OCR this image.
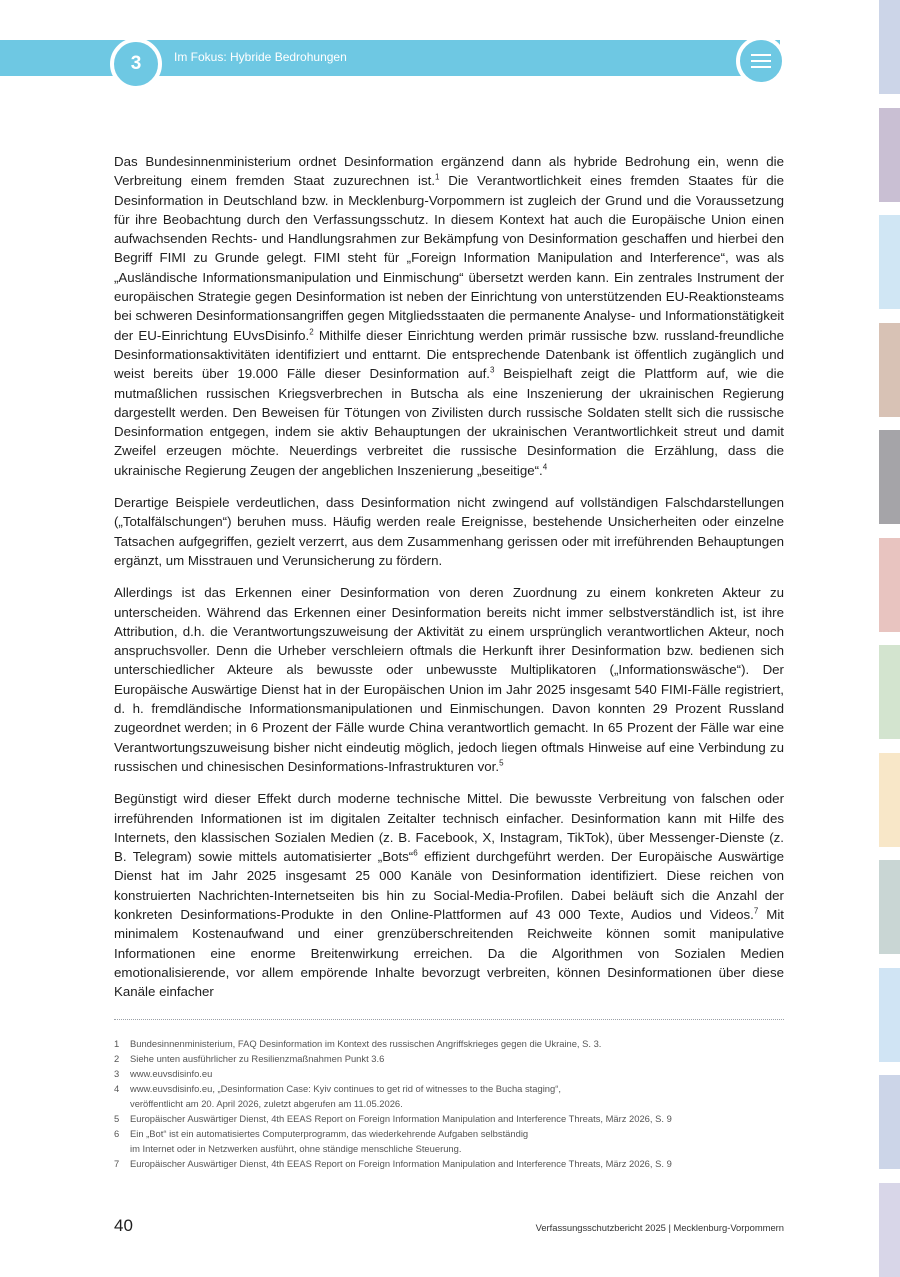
3	Im Fokus: Hybride Bedrohungen

Das Bundesinnenministerium ordnet Desinformation ergänzend dann als hybride Bedrohung ein, wenn die Verbreitung einem fremden Staat zuzurechnen ist.$^1$ Die Verantwortlichkeit eines fremden Staates für die Desinformation in Deutschland bzw. in Mecklenburg-Vorpommern ist zugleich der Grund und die Voraussetzung für ihre Beobachtung durch den Verfassungsschutz. In diesem Kontext hat auch die Europäische Union einen aufwachsenden Rechts- und Handlungsrahmen zur Bekämpfung von Desinformation geschaffen und hierbei den Begriff FIMI zu Grunde gelegt. FIMI steht für „Foreign Information Manipulation and Interference“, was als „Ausländische Informationsmanipulation und Einmischung“ übersetzt werden kann. Ein zentrales Instrument der europäischen Strategie gegen Desinformation ist neben der Einrichtung von unterstützenden EU-Reaktionsteams bei schweren Desinformationsangriffen gegen Mitgliedsstaaten die permanente Analyse- und Informationstätigkeit der EU-Einrichtung EUvsDisinfo.$^2$ Mithilfe dieser Einrichtung werden primär russische bzw. russland-freundliche Desinformationsaktivitäten identifiziert und enttarnt. Die entsprechende Datenbank ist öffentlich zugänglich und weist bereits über 19.000 Fälle dieser Desinformation auf.$^3$ Beispielhaft zeigt die Plattform auf, wie die mutmaßlichen russischen Kriegsverbrechen in Butscha als eine Inszenierung der ukrainischen Regierung dargestellt werden. Den Beweisen für Tötungen von Zivilisten durch russische Soldaten stellt sich die russische Desinformation entgegen, indem sie aktiv Behauptungen der ukrainischen Verantwortlichkeit streut und damit Zweifel erzeugen möchte. Neuerdings verbreitet die russische Desinformation die Erzählung, dass die ukrainische Regierung Zeugen der angeblichen Inszenierung „beseitige“.$^4$

Derartige Beispiele verdeutlichen, dass Desinformation nicht zwingend auf vollständigen Falschdarstellungen („Totalfälschungen“) beruhen muss. Häufig werden reale Ereignisse, bestehende Unsicherheiten oder einzelne Tatsachen aufgegriffen, gezielt verzerrt, aus dem Zusammenhang gerissen oder mit irreführenden Behauptungen ergänzt, um Misstrauen und Verunsicherung zu fördern.

Allerdings ist das Erkennen einer Desinformation von deren Zuordnung zu einem konkreten Akteur zu unterscheiden. Während das Erkennen einer Desinformation bereits nicht immer selbstverständlich ist, ist ihre Attribution, d.h. die Verantwortungszuweisung der Aktivität zu einem ursprünglich verantwortlichen Akteur, noch anspruchsvoller. Denn die Urheber verschleiern oftmals die Herkunft ihrer Desinformation bzw. bedienen sich unterschiedlicher Akteure als bewusste oder unbewusste Multiplikatoren („Informationswäsche“). Der Europäische Auswärtige Dienst hat in der Europäischen Union im Jahr 2025 insgesamt 540 FIMI-Fälle registriert, d. h. fremdländische Informationsmanipulationen und Einmischungen. Davon konnten 29 Prozent Russland zugeordnet werden; in 6 Prozent der Fälle wurde China verantwortlich gemacht. In 65 Prozent der Fälle war eine Verantwortungszuweisung bisher nicht eindeutig möglich, jedoch liegen oftmals Hinweise auf eine Verbindung zu russischen und chinesischen Desinformations-Infrastrukturen vor.$^5$

Begünstigt wird dieser Effekt durch moderne technische Mittel. Die bewusste Verbreitung von falschen oder irreführenden Informationen ist im digitalen Zeitalter technisch einfacher. Desinformation kann mit Hilfe des Internets, den klassischen Sozialen Medien (z. B. Facebook, X, Instagram, TikTok), über Messenger-Dienste (z. B. Telegram) sowie mittels automatisierter „Bots“$^6$ effizient durchgeführt werden. Der Europäische Auswärtige Dienst hat im Jahr 2025 insgesamt 25 000 Kanäle von Desinformation identifiziert. Diese reichen von konstruierten Nachrichten-Internetseiten bis hin zu Social-Media-Profilen. Dabei beläuft sich die Anzahl der konkreten Desinformations-Produkte in den Online-Plattformen auf 43 000 Texte, Audios und Videos.$^7$ Mit minimalem Kostenaufwand und einer grenzüberschreitenden Reichweite können somit manipulative Informationen eine enorme Breitenwirkung erreichen. Da die Algorithmen von Sozialen Medien emotionalisierende, vor allem empörende Inhalte bevorzugt verbreiten, können Desinformationen über diese Kanäle einfacher

1	Bundesinnenministerium, FAQ Desinformation im Kontext des russischen Angriffskrieges gegen die Ukraine, S. 3.
2	Siehe unten ausführlicher zu Resilienzmaßnahmen Punkt 3.6
3	www.euvsdisinfo.eu
4	www.euvsdisinfo.eu, „Desinformation Case: Kyiv continues to get rid of witnesses to the Bucha staging“,
veröffentlicht am 20. April 2026, zuletzt abgerufen am 11.05.2026.
5	Europäischer Auswärtiger Dienst, 4th EEAS Report on Foreign Information Manipulation and Interference Threats, März 2026, S. 9
6	Ein „Bot“ ist ein automatisiertes Computerprogramm, das wiederkehrende Aufgaben selbständig
im Internet oder in Netzwerken ausführt, ohne ständige menschliche Steuerung.
7	Europäischer Auswärtiger Dienst, 4th EEAS Report on Foreign Information Manipulation and Interference Threats, März 2026, S. 9
40	Verfassungsschutzbericht 2025 | Mecklenburg-Vorpommern
